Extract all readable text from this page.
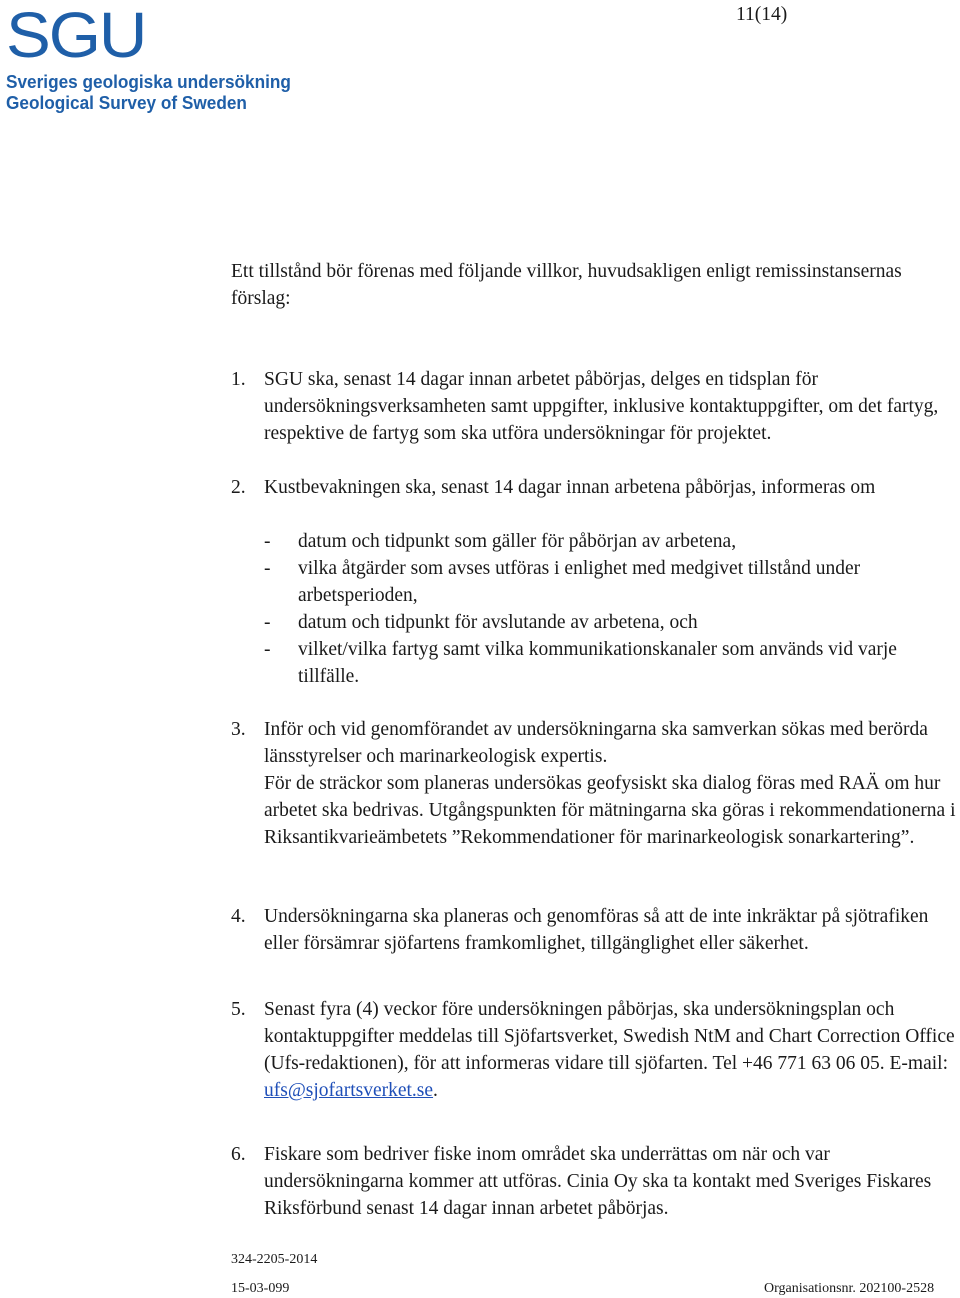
SGU
Sveriges geologiska undersökning
Geological Survey of Sweden
11(14)

Ett tillstånd bör förenas med följande villkor, huvudsakligen enligt remissinstansernas förslag:

1. SGU ska, senast 14 dagar innan arbetet påbörjas, delges en tidsplan för undersökningsverksamheten samt uppgifter, inklusive kontaktuppgifter, om det fartyg, respektive de fartyg som ska utföra undersökningar för projektet.

2. Kustbevakningen ska, senast 14 dagar innan arbetena påbörjas, informeras om

- datum och tidpunkt som gäller för påbörjan av arbetena,
- vilka åtgärder som avses utföras i enlighet med medgivet tillstånd under arbetsperioden,
- datum och tidpunkt för avslutande av arbetena, och
- vilket/vilka fartyg samt vilka kommunikationskanaler som används vid varje tillfälle.
3. Inför och vid genomförandet av undersökningarna ska samverkan sökas med berörda länsstyrelser och marinarkeologisk expertis.

För de sträckor som planeras undersökas geofysiskt ska dialog föras med RAÄ om hur arbetet ska bedrivas. Utgångspunkten för mätningarna ska göras i rekommendationerna i Riksantikvarieämbetets ”Rekommendationer för marinarkeologisk sonarkartering”.

4. Undersökningarna ska planeras och genomföras så att de inte inkräktar på sjötrafiken eller försämrar sjöfartens framkomlighet, tillgänglighet eller säkerhet.

5. Senast fyra (4) veckor före undersökningen påbörjas, ska undersökningsplan och kontaktuppgifter meddelas till Sjöfartsverket, Swedish NtM and Chart Correction Office (Ufs-redaktionen), för att informeras vidare till sjöfarten. Tel +46 771 63 06 05. E-mail: ufs@sjofartsverket.se.

6. Fiskare som bedriver fiske inom området ska underrättas om när och var undersökningarna kommer att utföras. Cinia Oy ska ta kontakt med Sveriges Fiskares Riksförbund senast 14 dagar innan arbetet påbörjas.

324-2205-2014
15-03-099	Organisationsnr. 202100-2528
